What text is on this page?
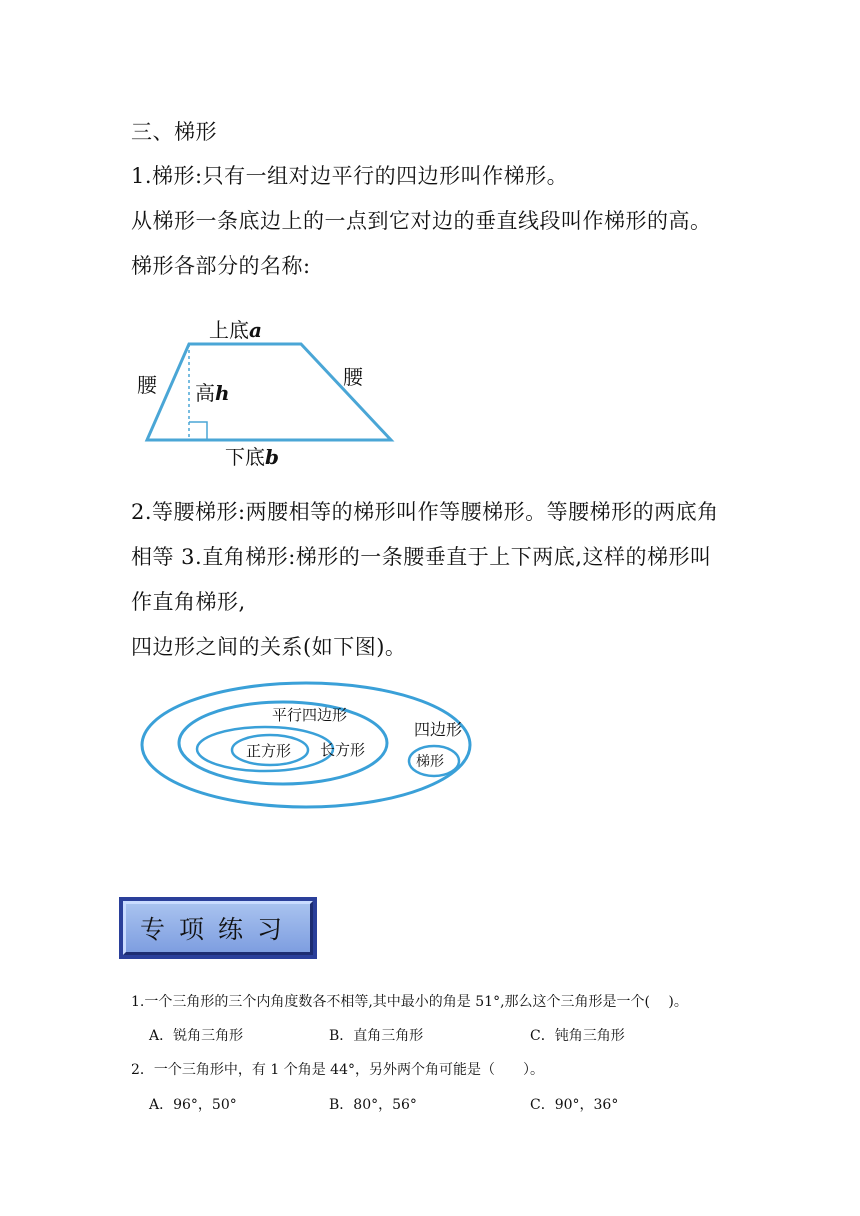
三、梯形
1.梯形:只有一组对边平行的四边形叫作梯形。
从梯形一条底边上的一点到它对边的垂直线段叫作梯形的高。
梯形各部分的名称:
上底a
腰	腰
高h
下底b
2.等腰梯形:两腰相等的梯形叫作等腰梯形。等腰梯形的两底角
相等 3.直角梯形:梯形的一条腰垂直于上下两底,这样的梯形叫
作直角梯形,
四边形之间的关系(如下图)。
平行四边形
四边形
长方形
正方形
梯形
专项练习
1.一个三角形的三个内角度数各不相等,其中最小的角是 51°,那么这个三角形是一个(　 )。
A．锐角三角形	B．直角三角形	C．钝角三角形
2．一个三角形中，有 1 个角是 44°，另外两个角可能是（　　）。
A．96°，50°	B．80°，56°	C．90°，36°
